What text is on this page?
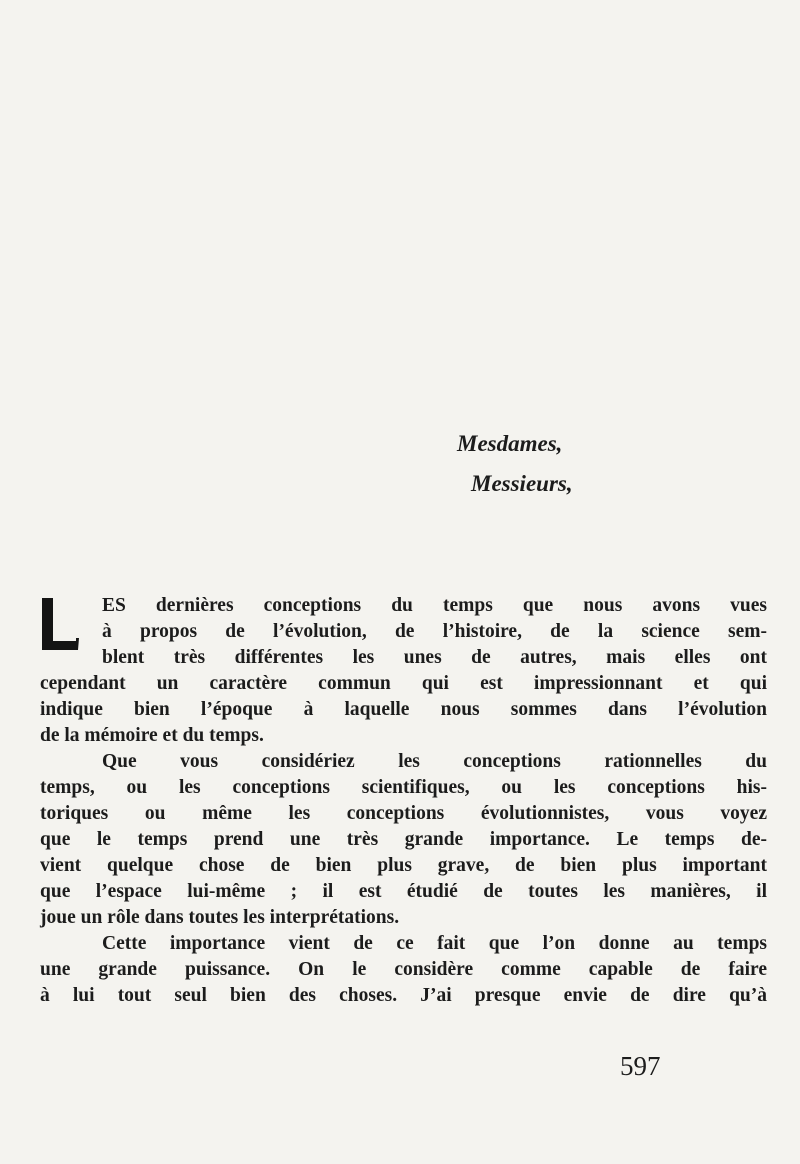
Mesdames,
Messieurs,
ES dernières conceptions du temps que nous avons vues
à propos de l’évolution, de l’histoire, de la science sem-
blent très différentes les unes de autres, mais elles ont
cependant un caractère commun qui est impressionnant et qui
indique bien l’époque à laquelle nous sommes dans l’évolution
de la mémoire et du temps.
Que vous considériez les conceptions rationnelles du
temps, ou les conceptions scientifiques, ou les conceptions his-
toriques ou même les conceptions évolutionnistes, vous voyez
que le temps prend une très grande importance. Le temps de-
vient quelque chose de bien plus grave, de bien plus important
que l’espace lui-même ; il est étudié de toutes les manières, il
joue un rôle dans toutes les interprétations.
Cette importance vient de ce fait que l’on donne au temps
une grande puissance. On le considère comme capable de faire
à lui tout seul bien des choses. J’ai presque envie de dire qu’à
597
